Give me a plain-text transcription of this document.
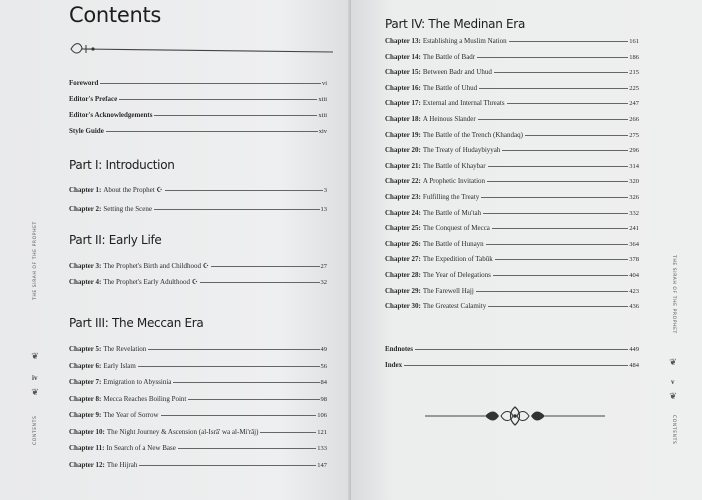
THE SIRAH OF THE PROPHET
❦
iv
❦
CONTENTS
Contents
Foreword	vi
Editor's Preface	xiii
Editor's Acknowledgements	xiii
Style Guide	xiv
Part I: Introduction
Chapter 1: About the Prophet ☪	3
Chapter 2: Setting the Scene	13
Part II: Early Life
Chapter 3: The Prophet's Birth and Childhood ☪	27
Chapter 4: The Prophet's Early Adulthood ☪	32
Part III: The Meccan Era
Chapter 5: The Revelation	49
Chapter 6: Early Islam	56
Chapter 7: Emigration to Abyssinia	84
Chapter 8: Mecca Reaches Boiling Point	98
Chapter 9: The Year of Sorrow	106
Chapter 10: The Night Journey & Ascension (al-Isrā' wa al-Mi'rāj)	121
Chapter 11: In Search of a New Base	133
Chapter 12: The Hijrah	147
Part IV: The Medinan Era
Chapter 13: Establishing a Muslim Nation	161
Chapter 14: The Battle of Badr	186
Chapter 15: Between Badr and Uhud	215
Chapter 16: The Battle of Uhud	225
Chapter 17: External and Internal Threats	247
Chapter 18: A Heinous Slander	266
Chapter 19: The Battle of the Trench (Khandaq)	275
Chapter 20: The Treaty of Hudaybiyyah	296
Chapter 21: The Battle of Khaybar	314
Chapter 22: A Prophetic Invitation	320
Chapter 23: Fulfilling the Treaty	326
Chapter 24: The Battle of Mu'tah	332
Chapter 25: The Conquest of Mecca	241
Chapter 26: The Battle of Hunayn	364
Chapter 27: The Expedition of Tabūk	378
Chapter 28: The Year of Delegations	404
Chapter 29: The Farewell Hajj	423
Chapter 30: The Greatest Calamity	436
Endnotes	449
Index	484
THE SIRAH OF THE PROPHET
❦
v
❦
CONTENTS
